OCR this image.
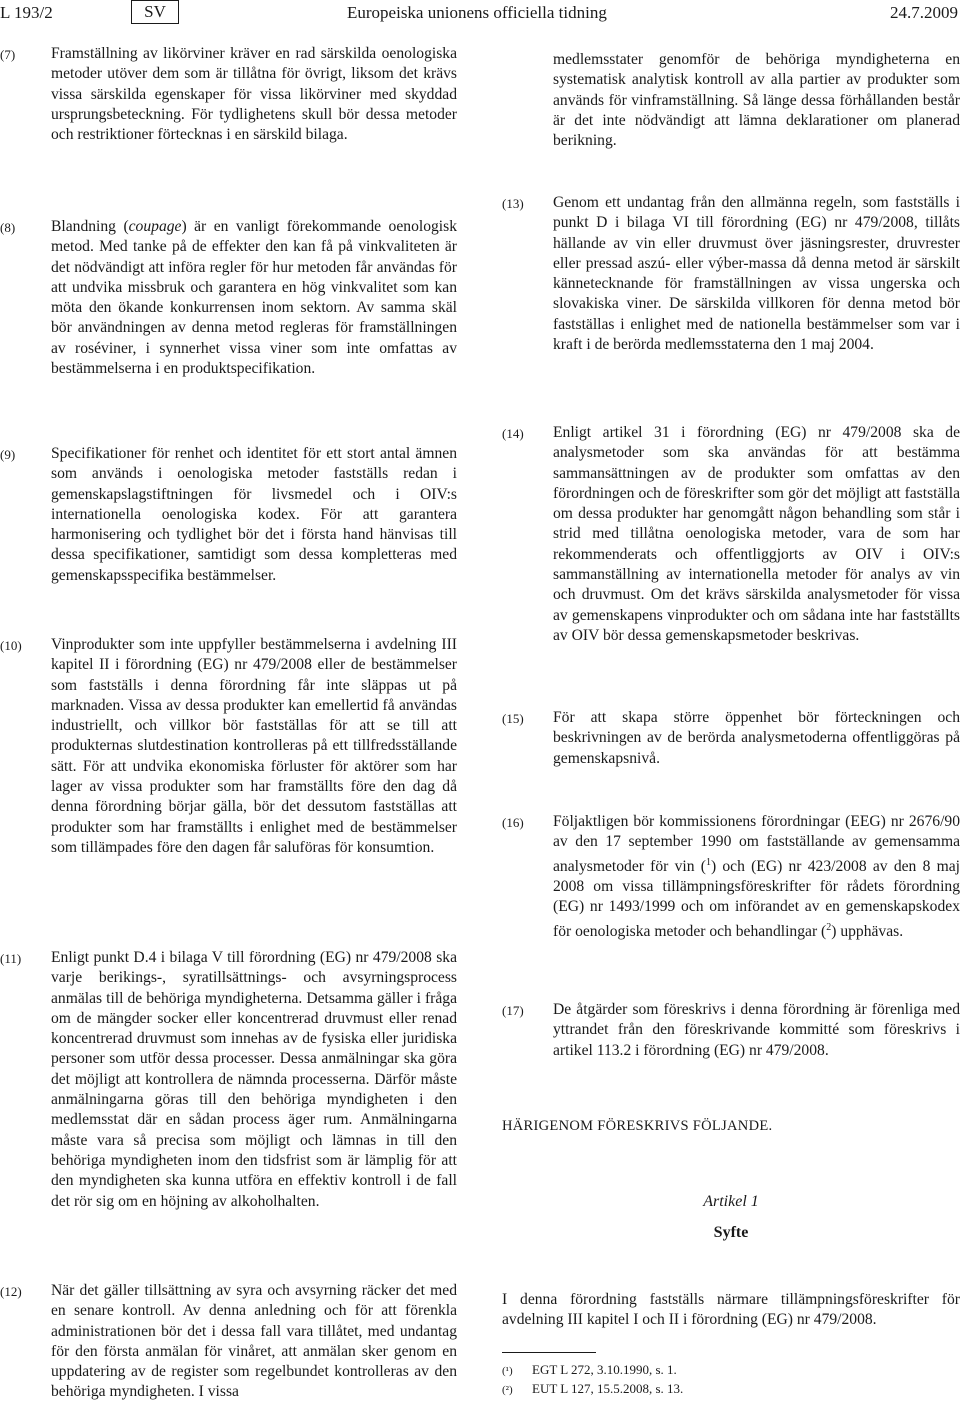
L 193/2	SV	Europeiska unionens officiella tidning	24.7.2009
(7) Framställning av likörviner kräver en rad särskilda oenologiska metoder utöver dem som är tillåtna för övrigt, liksom det krävs vissa särskilda egenskaper för vissa likörviner med skyddad ursprungsbeteckning. För tydlighetens skull bör dessa metoder och restriktioner förtecknas i en särskild bilaga.
(8) Blandning (coupage) är en vanligt förekommande oenologisk metod. Med tanke på de effekter den kan få på vinkvaliteten är det nödvändigt att införa regler för hur metoden får användas för att undvika missbruk och garantera en hög vinkvalitet som kan möta den ökande konkurrensen inom sektorn. Av samma skäl bör användningen av denna metod regleras för framställningen av roséviner, i synnerhet vissa viner som inte omfattas av bestämmelserna i en produktspecifikation.
(9) Specifikationer för renhet och identitet för ett stort antal ämnen som används i oenologiska metoder fastställs redan i gemenskapslagstiftningen för livsmedel och i OIV:s internationella oenologiska kodex. För att garantera harmonisering och tydlighet bör det i första hand hänvisas till dessa specifikationer, samtidigt som dessa kompletteras med gemenskapsspecifika bestämmelser.
(10) Vinprodukter som inte uppfyller bestämmelserna i avdelning III kapitel II i förordning (EG) nr 479/2008 eller de bestämmelser som fastställs i denna förordning får inte släppas ut på marknaden. Vissa av dessa produkter kan emellertid få användas industriellt, och villkor bör fastställas för att se till att produkternas slutdestination kontrolleras på ett tillfredsställande sätt. För att undvika ekonomiska förluster för aktörer som har lager av vissa produkter som har framställts före den dag då denna förordning börjar gälla, bör det dessutom fastställas att produkter som har framställts i enlighet med de bestämmelser som tillämpades före den dagen får saluföras för konsumtion.
(11) Enligt punkt D.4 i bilaga V till förordning (EG) nr 479/2008 ska varje berikings-, syratillsättnings- och avsyrningsprocess anmälas till de behöriga myndigheterna. Detsamma gäller i fråga om de mängder socker eller koncentrerad druvmust eller renad koncentrerad druvmust som innehas av de fysiska eller juridiska personer som utför dessa processer. Dessa anmälningar ska göra det möjligt att kontrollera de nämnda processerna. Därför måste anmälningarna göras till den behöriga myndigheten i den medlemsstat där en sådan process äger rum. Anmälningarna måste vara så precisa som möjligt och lämnas in till den behöriga myndigheten inom den tidsfrist som är lämplig för att den myndigheten ska kunna utföra en effektiv kontroll i de fall det rör sig om en höjning av alkoholhalten.
(12) När det gäller tillsättning av syra och avsyrning räcker det med en senare kontroll. Av denna anledning och för att förenkla administrationen bör det i dessa fall vara tillåtet, med undantag för den första anmälan för vinåret, att anmälan sker genom en uppdatering av de register som regelbundet kontrolleras av den behöriga myndigheten. I vissa
medlemsstater genomför de behöriga myndigheterna en systematisk analytisk kontroll av alla partier av produkter som används för vinframställning. Så länge dessa förhållanden består är det inte nödvändigt att lämna deklarationer om planerad berikning.
(13) Genom ett undantag från den allmänna regeln, som fastställs i punkt D i bilaga VI till förordning (EG) nr 479/2008, tillåts hällande av vin eller druvmust över jäsningsrester, druvrester eller pressad aszú- eller výber-massa då denna metod är särskilt kännetecknande för framställningen av vissa ungerska och slovakiska viner. De särskilda villkoren för denna metod bör fastställas i enlighet med de nationella bestämmelser som var i kraft i de berörda medlemsstaterna den 1 maj 2004.
(14) Enligt artikel 31 i förordning (EG) nr 479/2008 ska de analysmetoder som ska användas för att bestämma sammansättningen av de produkter som omfattas av den förordningen och de föreskrifter som gör det möjligt att fastställa om dessa produkter har genomgått någon behandling som står i strid med tillåtna oenologiska metoder, vara de som har rekommenderats och offentliggjorts av OIV i OIV:s sammanställning av internationella metoder för analys av vin och druvmust. Om det krävs särskilda analysmetoder för vissa av gemenskapens vinprodukter och om sådana inte har fastställts av OIV bör dessa gemenskapsmetoder beskrivas.
(15) För att skapa större öppenhet bör förteckningen och beskrivningen av de berörda analysmetoderna offentliggöras på gemenskapsnivå.
(16) Följaktligen bör kommissionens förordningar (EEG) nr 2676/90 av den 17 september 1990 om fastställande av gemensamma analysmetoder för vin ($^1$) och (EG) nr 423/2008 av den 8 maj 2008 om vissa tillämpningsföreskrifter för rådets förordning (EG) nr 1493/1999 och om införandet av en gemenskapskodex för oenologiska metoder och behandlingar ($^2$) upphävas.
(17) De åtgärder som föreskrivs i denna förordning är förenliga med yttrandet från den föreskrivande kommitté som föreskrivs i artikel 113.2 i förordning (EG) nr 479/2008.
HÄRIGENOM FÖRESKRIVS FÖLJANDE.
Artikel 1
Syfte
I denna förordning fastställs närmare tillämpningsföreskrifter för avdelning III kapitel I och II i förordning (EG) nr 479/2008.
(¹) EGT L 272, 3.10.1990, s. 1.
(²) EUT L 127, 15.5.2008, s. 13.
